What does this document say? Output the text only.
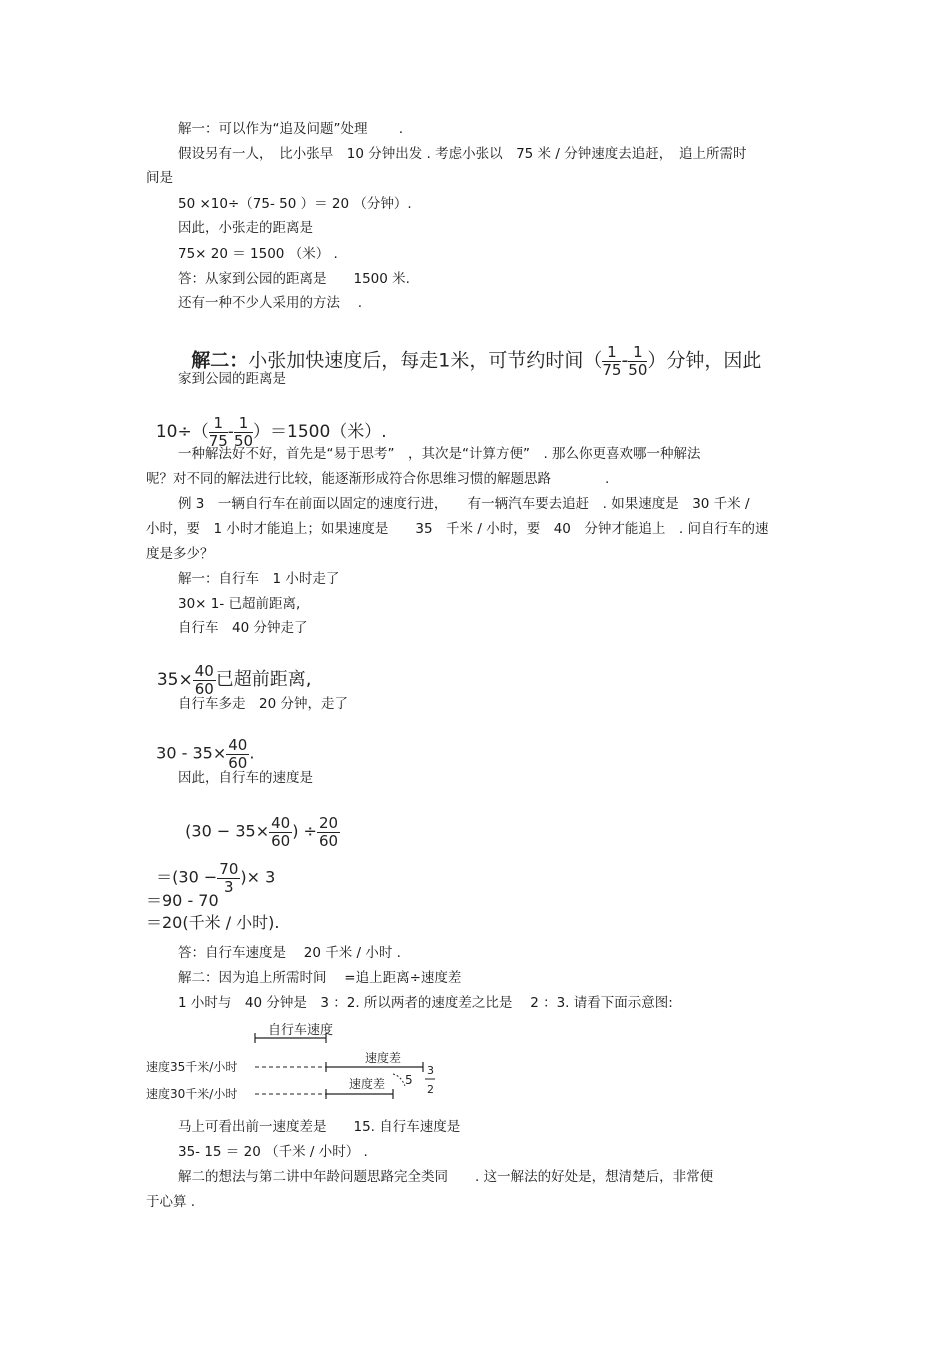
解一：可以作为“追及问题”处理 　　.
假设另有一人，　比小张早　10 分钟出发 . 考虑小张以　75 米 / 分钟速度去追赶，　追上所需时
间是
50 ×10÷（75- 50 ）＝ 20 （分钟）.
因此，小张走的距离是
75× 20 ＝ 1500 （米） .
答：从家到公园的距离是　　1500 米.
还有一种不少人采用的方法　 .

解二：小张加快速度后，每走1米，可节约时间（ $\frac{1}{75} - \frac{1}{50}$ ）分钟，因此

家到公园的距离是

$10\div( \frac{1}{75} - \frac{1}{50} )=1500$（米）.

一种解法好不好，首先是“易于思考”　，其次是“计算方便”　. 那么你更喜欢哪一种解法
呢？对不同的解法进行比较，能逐渐形成符合你思维习惯的解题思路　　　　.
例 3　一辆自行车在前面以固定的速度行进，　　有一辆汽车要去追赶　. 如果速度是　30 千米 /
小时，要　1 小时才能追上；如果速度是　　35　千米 / 小时，要　40　分钟才能追上　. 问自行车的速
度是多少？
解一：自行车　1 小时走了
30× 1- 已超前距离,
自行车　40 分钟走了

$35\times \frac{40}{60}$ 已超前距离,

自行车多走　20 分钟，走了

$30 - 35\times \frac{40}{60}$ .

因此，自行车的速度是

($30 - 35\times \frac{40}{60}$ ) ÷ $\frac{20}{60}$

$=(30 - \frac{70}{3}$ )× 3

＝90 - 70
＝20(千米 / 小时).
答：自行车速度是　 20 千米 / 小时 .
解二：因为追上所需时间　 =追上距离÷速度差
1 小时与　40 分钟是　3 ：2. 所以两者的速度差之比是　 2 ：3. 请看下面示意图:
自行车速度
速度35千米/小时
速度差
速度30千米/小时
速度差 5
3
2
马上可看出前一速度差是　　15. 自行车速度是
35- 15 ＝ 20 （千米 / 小时） .
解二的想法与第二讲中年龄问题思路完全类同　　. 这一解法的好处是，想清楚后，非常便
于心算 .
